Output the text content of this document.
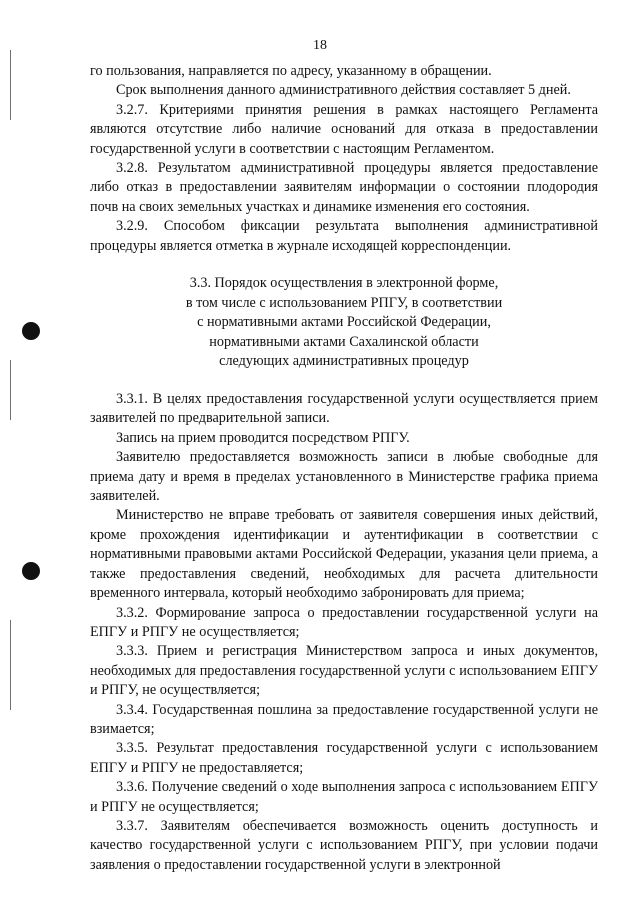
18

го пользования, направляется по адресу, указанному в обращении.

Срок выполнения данного административного действия составляет 5 дней.

3.2.7. Критериями принятия решения в рамках настоящего Регламента являются отсутствие либо наличие оснований для отказа в предоставлении государственной услуги в соответствии с настоящим Регламентом.

3.2.8. Результатом административной процедуры является предоставление либо отказ в предоставлении заявителям информации о состоянии плодородия почв на своих земельных участках и динамике изменения его состояния.

3.2.9. Способом фиксации результата выполнения административной процедуры является отметка в журнале исходящей корреспонденции.

3.3. Порядок осуществления в электронной форме,
в том числе с использованием РПГУ, в соответствии
с нормативными актами Российской Федерации,
нормативными актами Сахалинской области
следующих административных процедур

3.3.1. В целях предоставления государственной услуги осуществляется прием заявителей по предварительной записи.

Запись на прием проводится посредством РПГУ.

Заявителю предоставляется возможность записи в любые свободные для приема дату и время в пределах установленного в Министерстве графика приема заявителей.

Министерство не вправе требовать от заявителя совершения иных действий, кроме прохождения идентификации и аутентификации в соответствии с нормативными правовыми актами Российской Федерации, указания цели приема, а также предоставления сведений, необходимых для расчета длительности временного интервала, который необходимо забронировать для приема;

3.3.2. Формирование запроса о предоставлении государственной услуги на ЕПГУ и РПГУ не осуществляется;

3.3.3. Прием и регистрация Министерством запроса и иных документов, необходимых для предоставления государственной услуги с использованием ЕПГУ и РПГУ, не осуществляется;

3.3.4. Государственная пошлина за предоставление государственной услуги не взимается;

3.3.5. Результат предоставления государственной услуги с использованием ЕПГУ и РПГУ не предоставляется;

3.3.6. Получение сведений о ходе выполнения запроса с использованием ЕПГУ и РПГУ не осуществляется;

3.3.7. Заявителям обеспечивается возможность оценить доступность и качество государственной услуги с использованием РПГУ, при условии подачи заявления о предоставлении государственной услуги в электронной
